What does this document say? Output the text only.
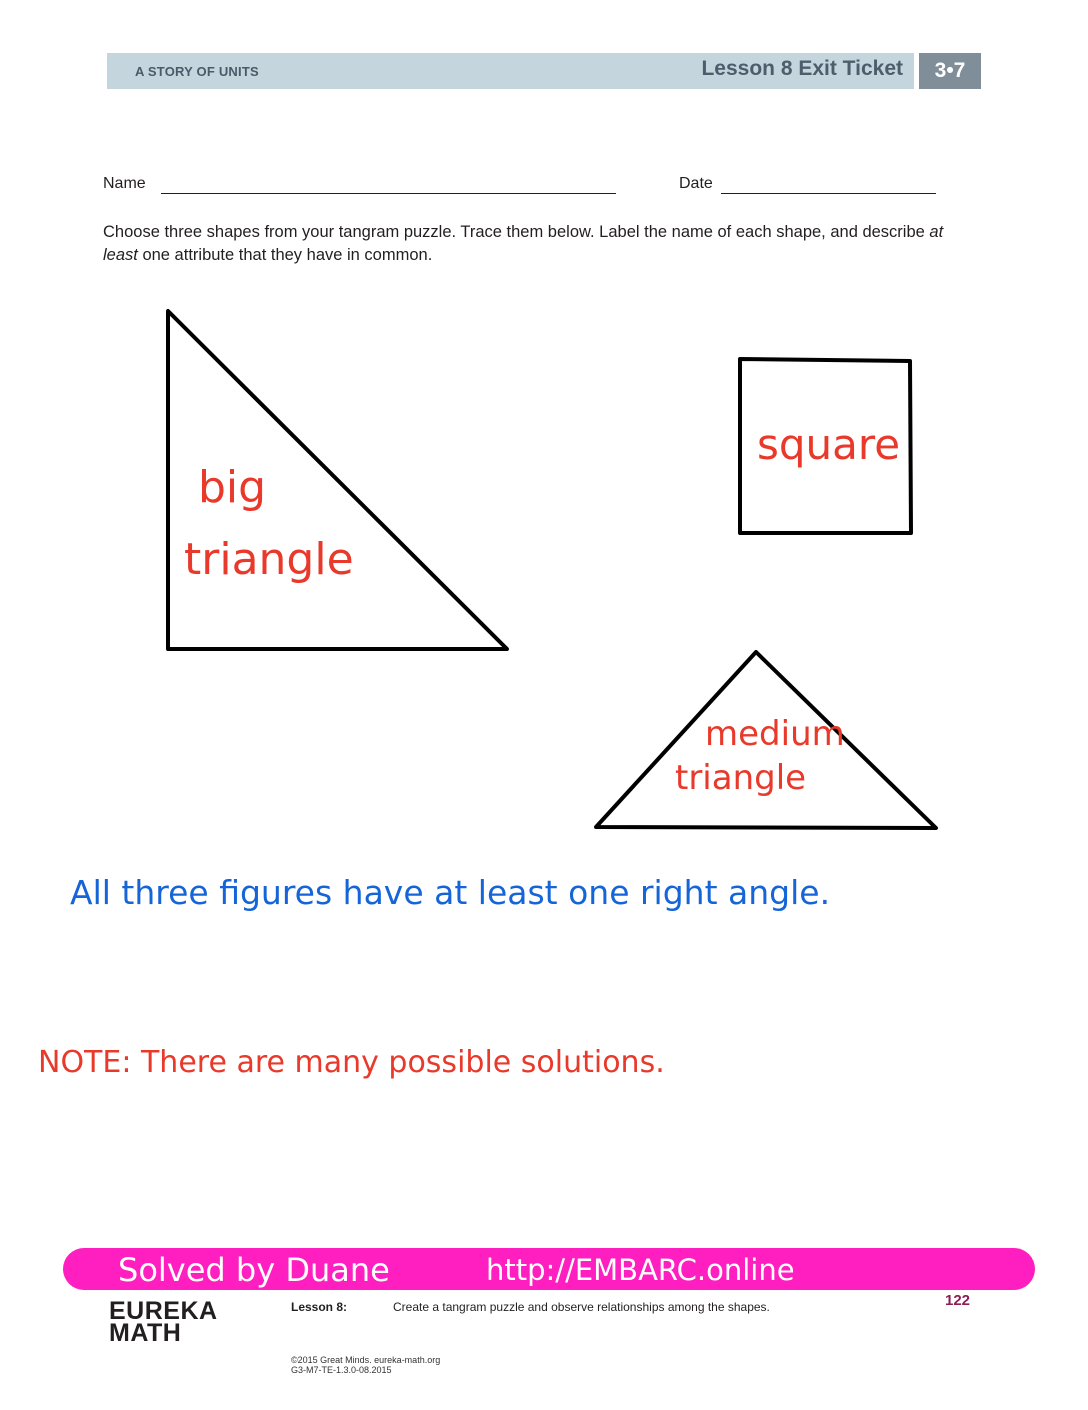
A STORY OF UNITS	Lesson 8 Exit Ticket	3•7
Name	Date
Choose three shapes from your tangram puzzle. Trace them below. Label the name of each shape, and describe at least one attribute that they have in common.
big
triangle
square
medium
triangle
All three figures have at least one right angle.
NOTE: There are many possible solutions.
Solved by Duane	http://EMBARC.online
EUREKA
MATH
Lesson 8:	Create a tangram puzzle and observe relationships among the shapes.	122
©2015 Great Minds. eureka-math.org
G3-M7-TE-1.3.0-08.2015
